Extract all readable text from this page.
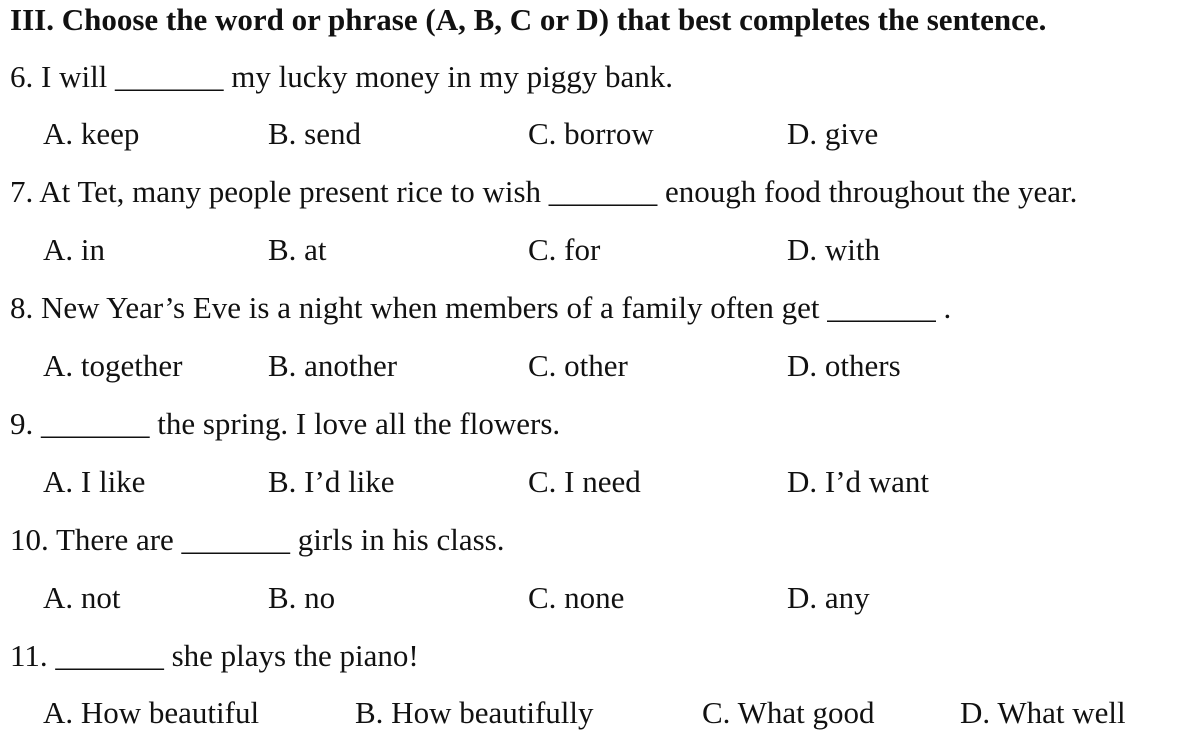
III. Choose the word or phrase (A, B, C or D) that best completes the sentence.
6. I will _______ my lucky money in my piggy bank.
A. keep	B. send	C. borrow	D. give
7. At Tet, many people present rice to wish _______ enough food throughout the year.
A. in	B. at	C. for	D. with
8. New Year’s Eve is a night when members of a family often get _______ .
A. together	B. another	C. other	D. others
9. _______ the spring. I love all the flowers.
A. I like	B. I’d like	C. I need	D. I’d want
10. There are _______ girls in his class.
A. not	B. no	C. none	D. any
11. _______ she plays the piano!
A. How beautiful	B. How beautifully	C. What good	D. What well
